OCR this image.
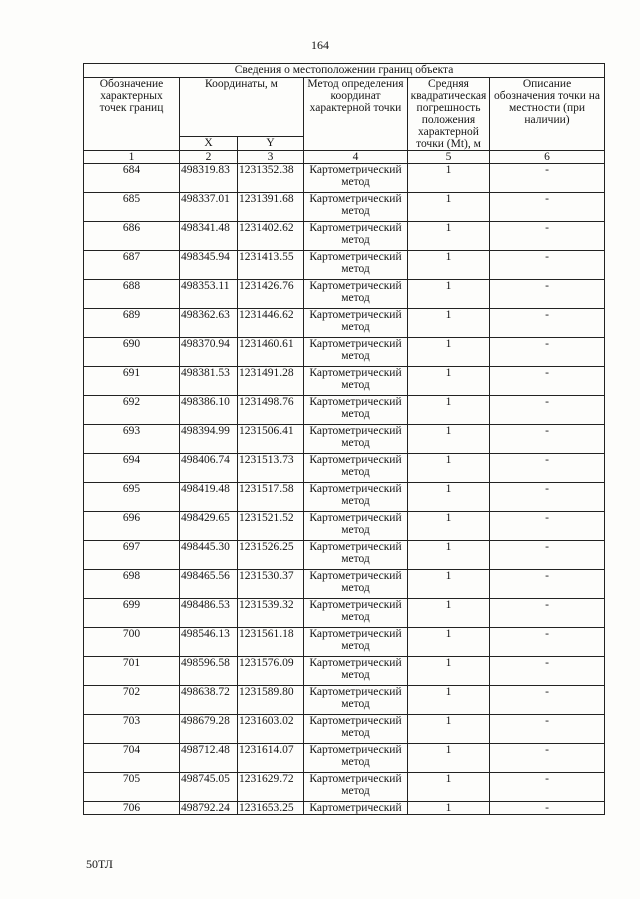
164
Сведения о местоположении границ объекта					
Обозначение характерных точек границ	Координаты, м		Метод определения координат характерной точки	Средняя квадратическая погрешность положения характерной точки (Mt), м	Описание обозначения точки на местности (при наличии)
	X	Y			
1	2	3	4	5	6
684	498319.83	1231352.38	Картометрический метод	1	-
685	498337.01	1231391.68	Картометрический метод	1	-
686	498341.48	1231402.62	Картометрический метод	1	-
687	498345.94	1231413.55	Картометрический метод	1	-
688	498353.11	1231426.76	Картометрический метод	1	-
689	498362.63	1231446.62	Картометрический метод	1	-
690	498370.94	1231460.61	Картометрический метод	1	-
691	498381.53	1231491.28	Картометрический метод	1	-
692	498386.10	1231498.76	Картометрический метод	1	-
693	498394.99	1231506.41	Картометрический метод	1	-
694	498406.74	1231513.73	Картометрический метод	1	-
695	498419.48	1231517.58	Картометрический метод	1	-
696	498429.65	1231521.52	Картометрический метод	1	-
697	498445.30	1231526.25	Картометрический метод	1	-
698	498465.56	1231530.37	Картометрический метод	1	-
699	498486.53	1231539.32	Картометрический метод	1	-
700	498546.13	1231561.18	Картометрический метод	1	-
701	498596.58	1231576.09	Картометрический метод	1	-
702	498638.72	1231589.80	Картометрический метод	1	-
703	498679.28	1231603.02	Картометрический метод	1	-
704	498712.48	1231614.07	Картометрический метод	1	-
705	498745.05	1231629.72	Картометрический метод	1	-
706	498792.24	1231653.25	Картометрический	1	-
50ТЛ
